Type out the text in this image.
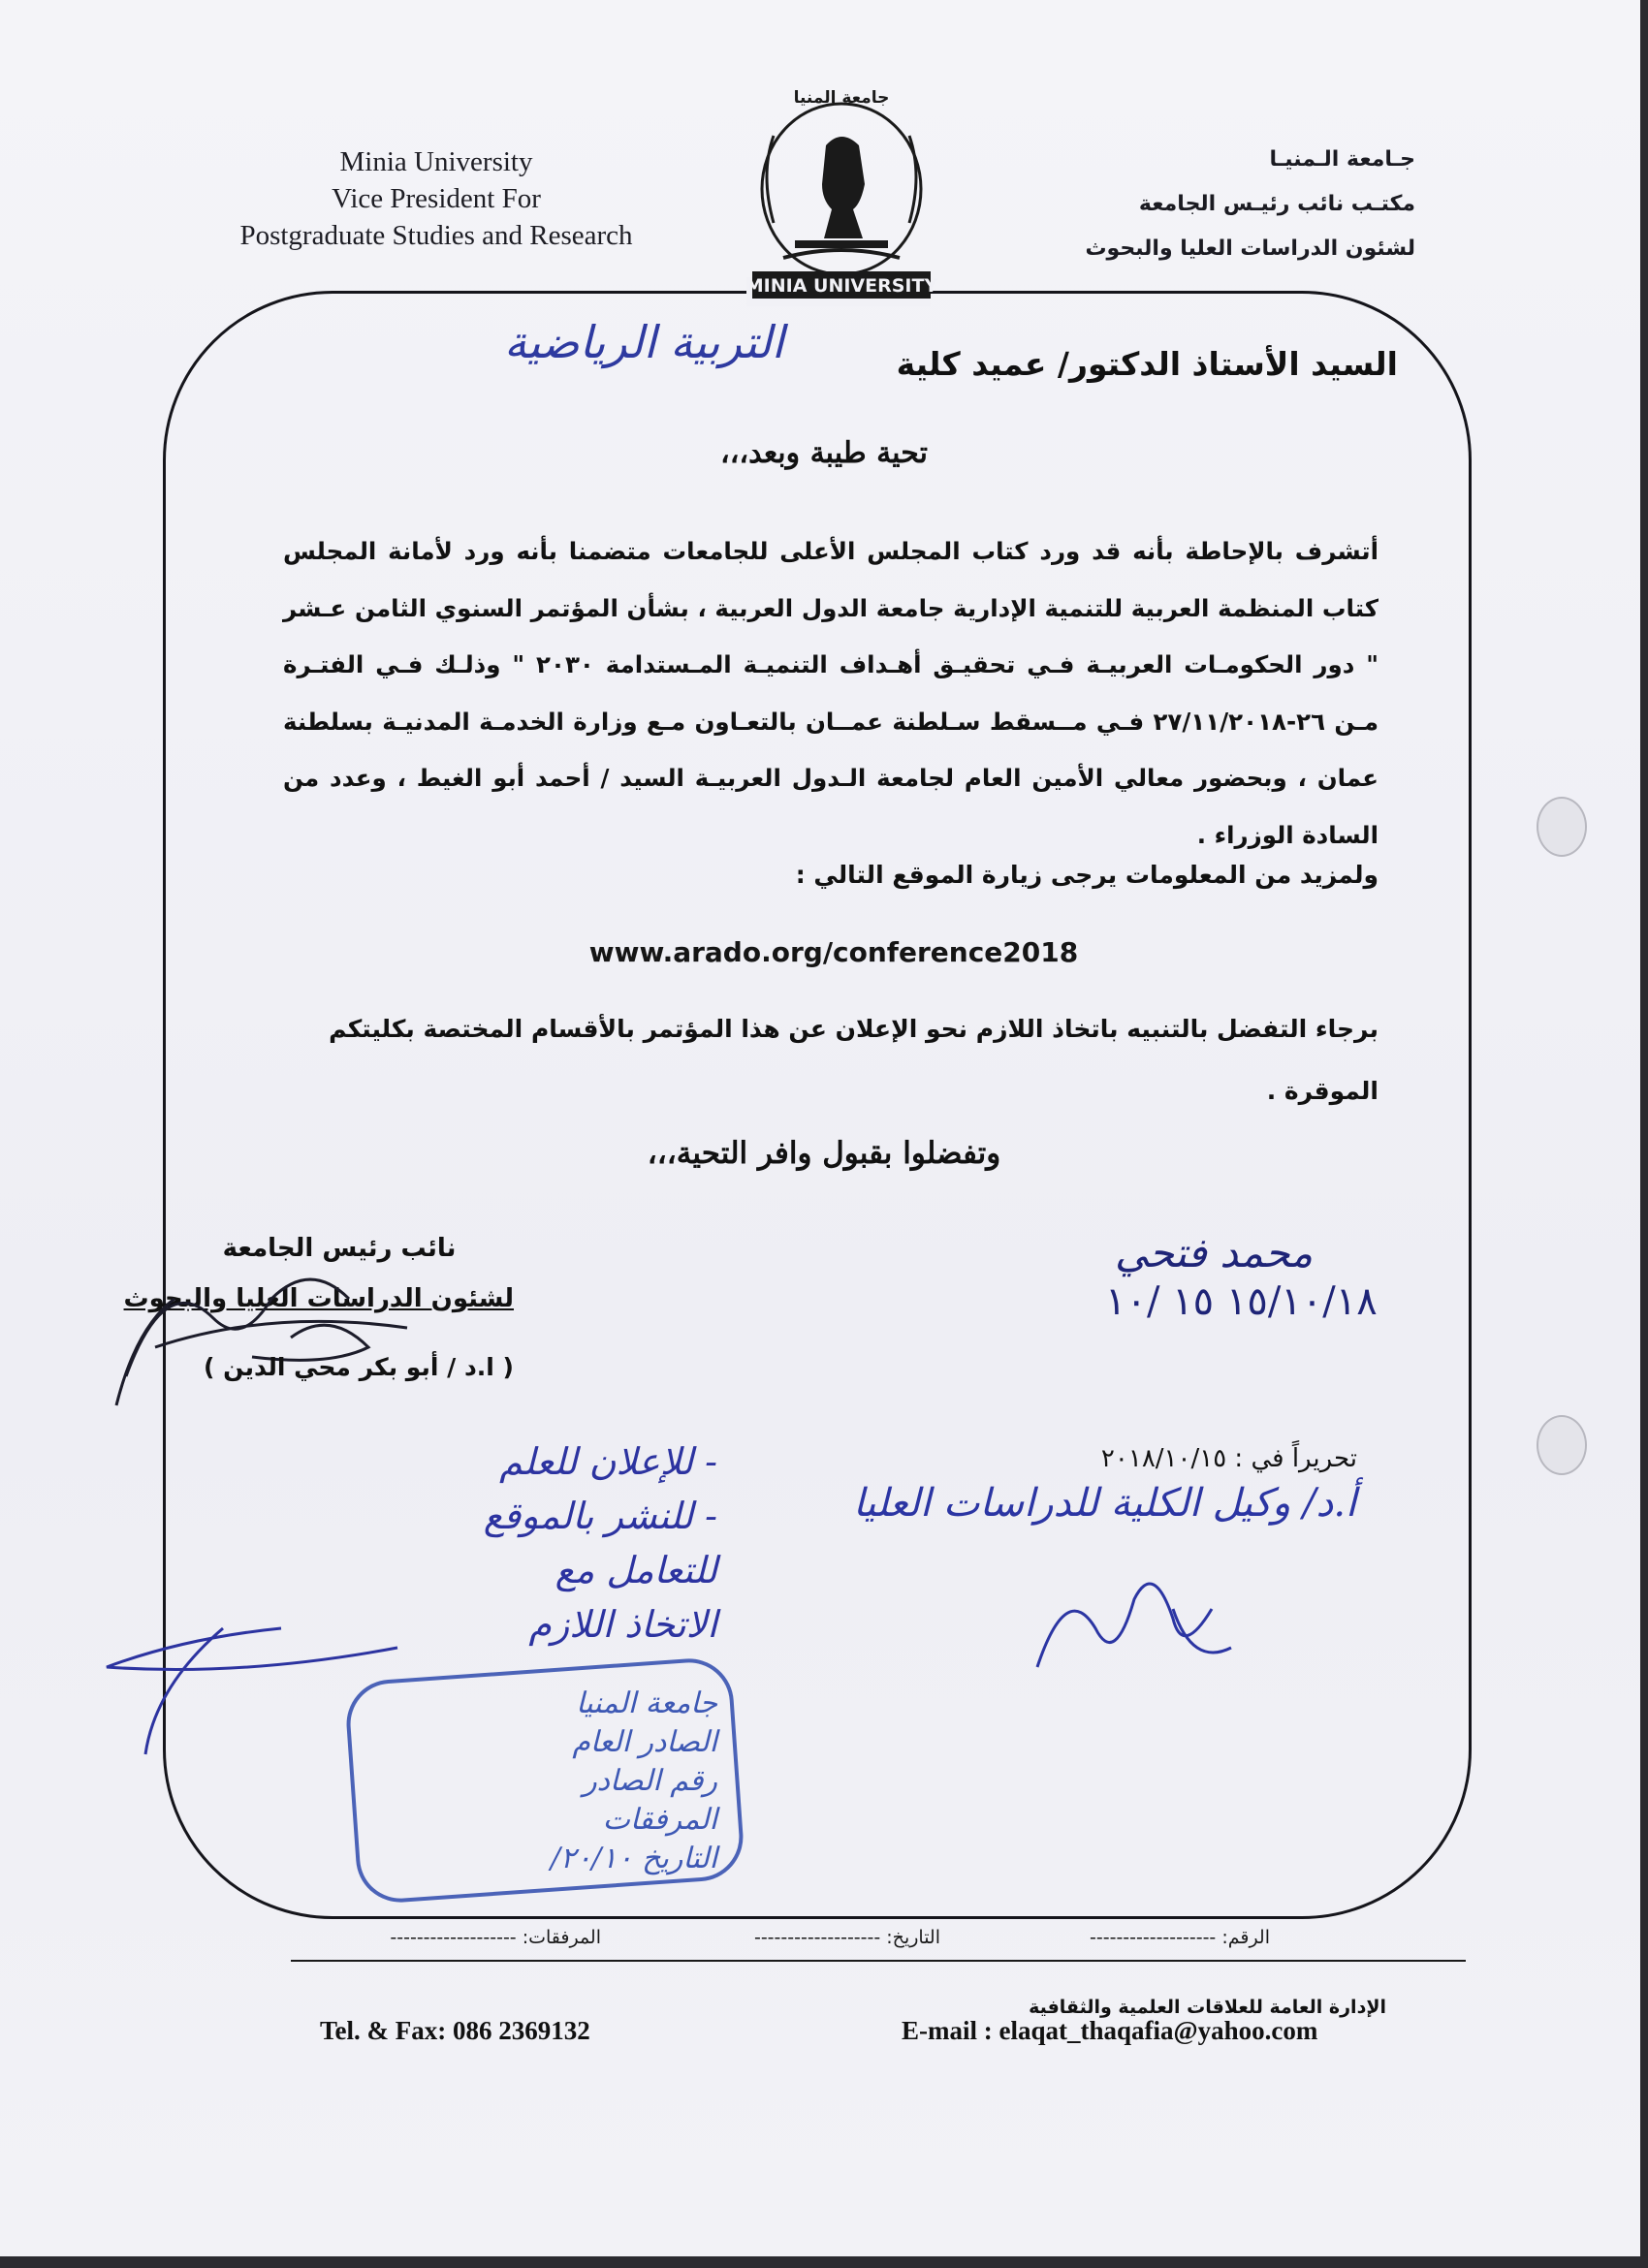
Minia University
Vice President For
Postgraduate Studies and Research
جـامعة الـمنيـا
مكتـب نائب رئيـس الجامعة
لشئون الدراسات العليا والبحوث
MINIA UNIVERSITY
جامعة المنيا
السيد الأستاذ الدكتور/ عميد كلية
التربية الرياضية
تحية طيبة وبعد،،،

أتشرف بالإحاطة بأنه قد ورد كتاب المجلس الأعلى للجامعات متضمنا بأنه ورد لأمانة المجلس كتاب المنظمة العربية للتنمية الإدارية جامعة الدول العربية ، بشأن المؤتمر السنوي الثامن عـشر " دور الحكومـات العربيـة فـي تحقيـق أهـداف التنميـة المـستدامة ٢٠٣٠ " وذلـك فـي الفتـرة مـن ٢٦-٢٧/١١/٢٠١٨ فـي مــسقط سـلطنة عمــان بالتعـاون مـع وزارة الخدمـة المدنيـة بسلطنة عمان ، وبحضور معالي الأمين العام لجامعة الـدول العربيـة السيد / أحمد أبو الغيط ، وعدد من السادة الوزراء .

ولمزيد من المعلومات يرجى زيارة الموقع التالي :
www.arado.org/conference2018
برجاء التفضل بالتنبيه باتخاذ اللازم نحو الإعلان عن هذا المؤتمر بالأقسام المختصة بكليتكم الموقرة .
وتفضلوا بقبول وافر التحية،،،
نائب رئيس الجامعة
لشئون الدراسات العليا والبحوث
( ا.د / أبو بكر محي الدين )
محمد فتحي
١٥/١٠/١٨ ١٥ /١٠
تحريراً في : ٢٠١٨/١٠/١٥
أ.د/ وكيل الكلية للدراسات العليا
- للإعلان للعلم
- للنشر بالموقع
للتعامل مع
الاتخاذ اللازم
جامعة المنيا
الصادر العام
رقم الصادر
المرفقات
التاريخ ٢٠/١٠/
الرقم: -------------------
التاريخ: -------------------
المرفقات: -------------------
الإدارة العامة للعلاقات العلمية والثقافية
E-mail : elaqat_thaqafia@yahoo.com
Tel. & Fax: 086 2369132
